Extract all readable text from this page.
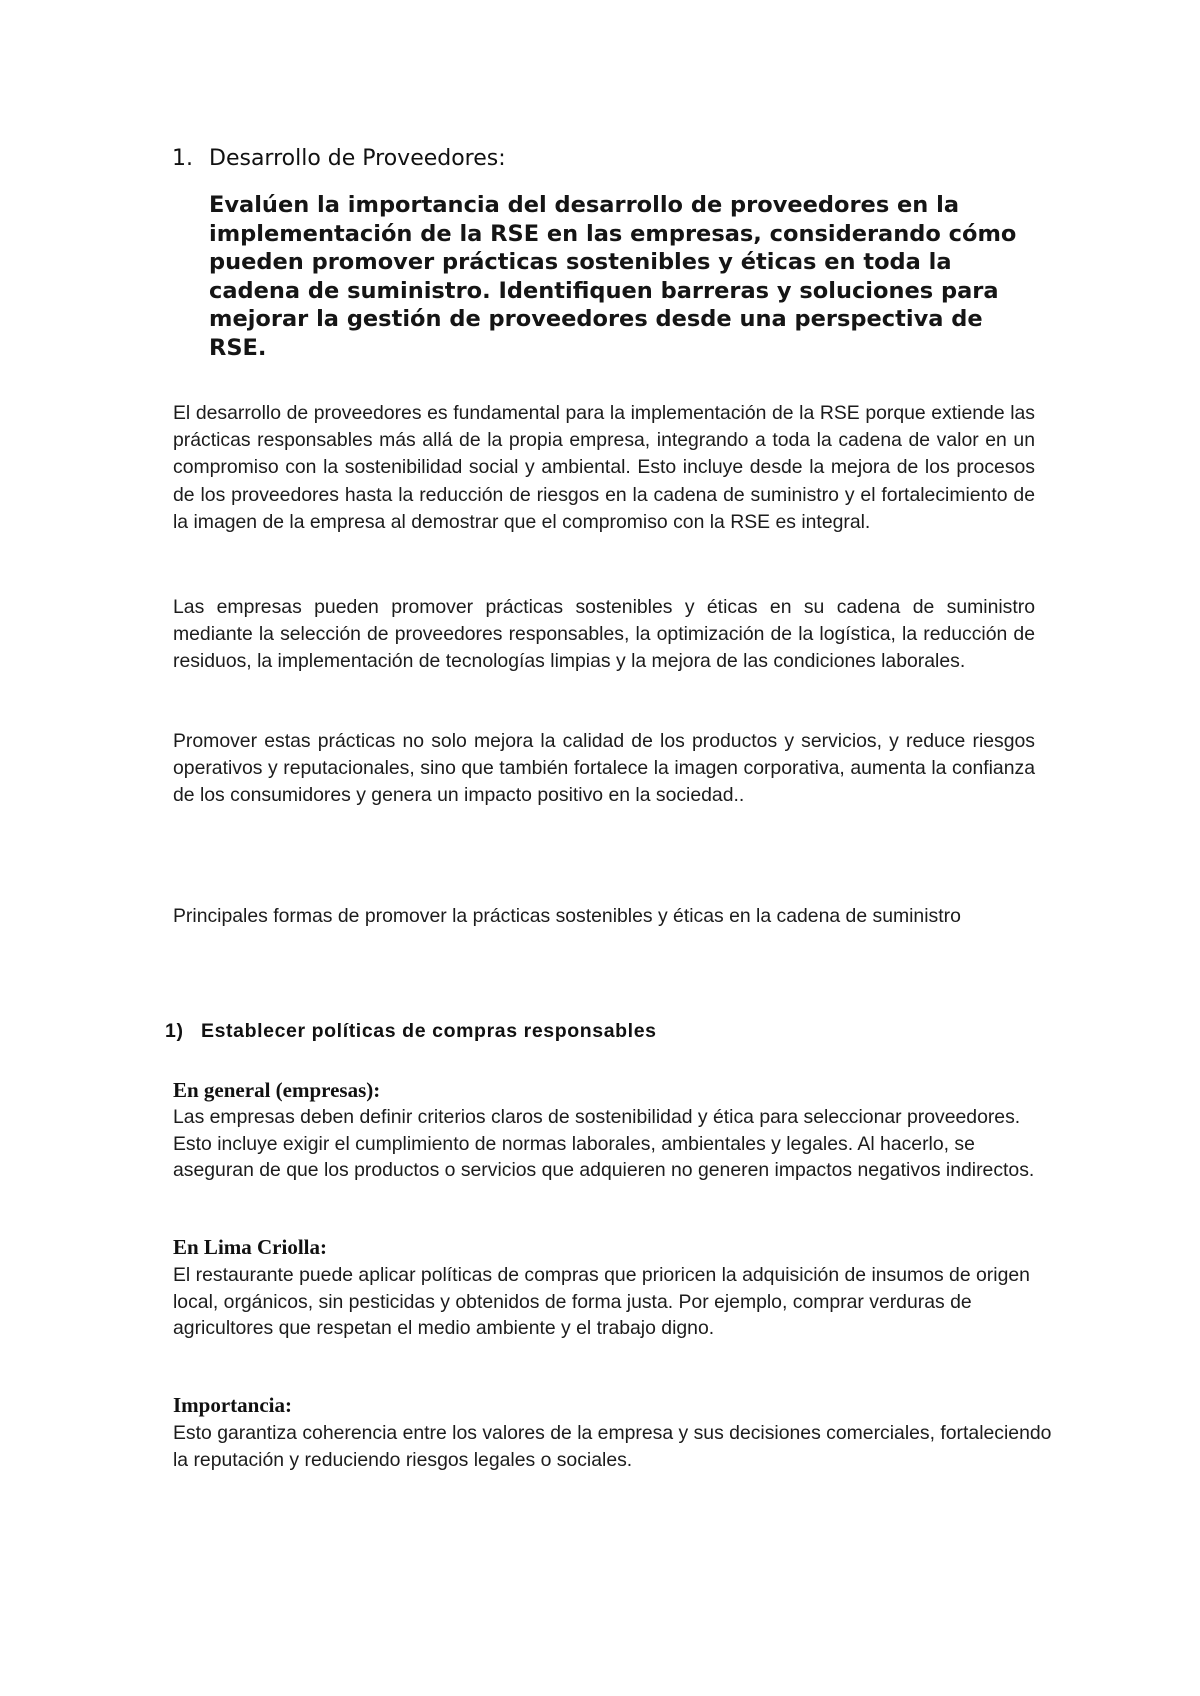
1. Desarrollo de Proveedores:
Evalúen la importancia del desarrollo de proveedores en la implementación de la RSE en las empresas, considerando cómo pueden promover prácticas sostenibles y éticas en toda la cadena de suministro. Identifiquen barreras y soluciones para mejorar la gestión de proveedores desde una perspectiva de RSE.

El desarrollo de proveedores es fundamental para la implementación de la RSE porque extiende las prácticas responsables más allá de la propia empresa, integrando a toda la cadena de valor en un compromiso con la sostenibilidad social y ambiental. Esto incluye desde la mejora de los procesos de los proveedores hasta la reducción de riesgos en la cadena de suministro y el fortalecimiento de la imagen de la empresa al demostrar que el compromiso con la RSE es integral.

Las empresas pueden promover prácticas sostenibles y éticas en su cadena de suministro mediante la selección de proveedores responsables, la optimización de la logística, la reducción de residuos, la implementación de tecnologías limpias y la mejora de las condiciones laborales.

Promover estas prácticas no solo mejora la calidad de los productos y servicios, y reduce riesgos operativos y reputacionales, sino que también fortalece la imagen corporativa, aumenta la confianza de los consumidores y genera un impacto positivo en la sociedad..

Principales formas de promover la prácticas sostenibles y éticas en la cadena de suministro

1) Establecer políticas de compras responsables

En general (empresas):

Las empresas deben definir criterios claros de sostenibilidad y ética para seleccionar proveedores. Esto incluye exigir el cumplimiento de normas laborales, ambientales y legales. Al hacerlo, se aseguran de que los productos o servicios que adquieren no generen impactos negativos indirectos.

En Lima Criolla:

El restaurante puede aplicar políticas de compras que prioricen la adquisición de insumos de origen local, orgánicos, sin pesticidas y obtenidos de forma justa. Por ejemplo, comprar verduras de agricultores que respetan el medio ambiente y el trabajo digno.

Importancia:

Esto garantiza coherencia entre los valores de la empresa y sus decisiones comerciales, fortaleciendo la reputación y reduciendo riesgos legales o sociales.
